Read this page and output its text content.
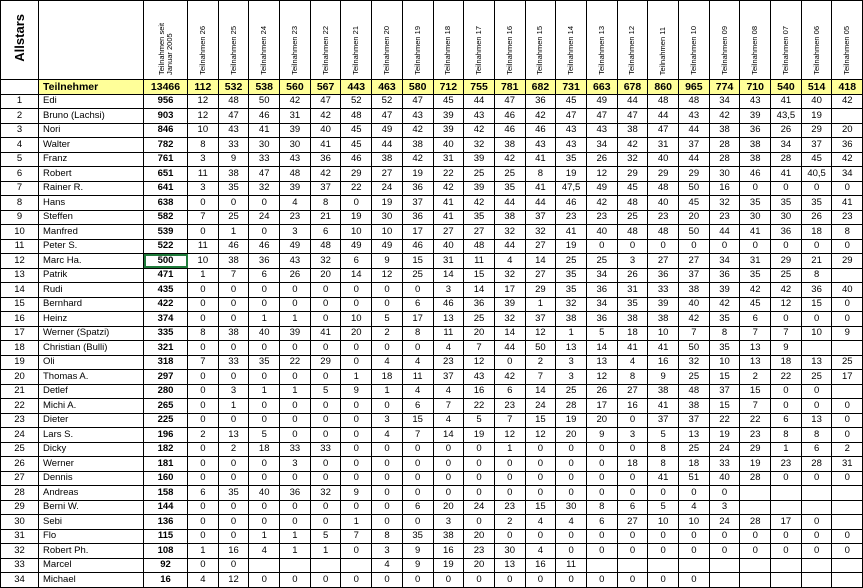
Allstars		Teilnahmen seit Januar 2005	Teilnahmen 26	Teilnahmen 25	Teilnahmen 24	Teilnahmen 23	Teilnahmen 22	Teilnahmen 21	Teilnahmen 20	Teilnahmen 19	Teilnahmen 18	Teilnahmen 17	Teilnahmen 16	Teilnahmen 15	Teilnahmen 14	Teilnahmen 13	Teilnahmen 12	Teilnahmen 11	Teilnahmen 10	Teilnahmen 09	Teilnahmen 08	Teilnahmen 07	Teilnahmen 06	Teilnahmen 05
	Teilnehmer	13466	112	532	538	560	567	443	463	580	712	755	781	682	731	663	678	860	965	774	710	540	514	418
1	Edi	956	12	48	50	42	47	52	52	47	45	44	47	36	45	49	44	48	48	34	43	41	40	42
2	Bruno (Lachsi)	903	12	47	46	31	42	48	47	43	39	43	46	42	47	47	47	44	43	42	39	43,5	19	
3	Nori	846	10	43	41	39	40	45	49	42	39	42	46	46	43	43	38	47	44	38	36	26	29	20
4	Walter	782	8	33	30	30	41	45	44	38	40	32	38	43	43	34	42	31	37	28	38	34	37	36
5	Franz	761	3	9	33	43	36	46	38	42	31	39	42	41	35	26	32	40	44	28	38	28	45	42
6	Robert	651	11	38	47	48	42	29	27	19	22	25	25	8	19	12	29	29	29	30	46	41	40,5	34
7	Rainer R.	641	3	35	32	39	37	22	24	36	42	39	35	41	47,5	49	45	48	50	16	0	0	0	0
8	Hans	638	0	0	0	4	8	0	19	37	41	42	44	44	46	42	48	40	45	32	35	35	35	41
9	Steffen	582	7	25	24	23	21	19	30	36	41	35	38	37	23	23	25	23	20	23	30	30	26	23
10	Manfred	539	0	1	0	3	6	10	10	17	27	27	32	32	41	40	48	48	50	44	41	36	18	8
11	Peter S.	522	11	46	46	49	48	49	49	46	40	48	44	27	19	0	0	0	0	0	0	0	0	0
12	Marc Ha.	500	10	38	36	43	32	6	9	15	31	11	4	14	25	25	3	27	27	34	31	29	21	29
13	Patrik	471	1	7	6	26	20	14	12	25	14	15	32	27	35	34	26	36	37	36	35	25	8	
14	Rudi	435	0	0	0	0	0	0	0	0	3	14	17	29	35	36	31	33	38	39	42	42	36	40
15	Bernhard	422	0	0	0	0	0	0	0	6	46	36	39	1	32	34	35	39	40	42	45	12	15	0
16	Heinz	374	0	0	1	1	0	10	5	17	13	25	32	37	38	36	38	38	42	35	6	0	0	0
17	Werner (Spatzi)	335	8	38	40	39	41	20	2	8	11	20	14	12	1	5	18	10	7	8	7	7	10	9
18	Christian (Bulli)	321	0	0	0	0	0	0	0	0	4	7	44	50	13	14	41	41	50	35	13	9		
19	Oli	318	7	33	35	22	29	0	4	4	23	12	0	2	3	13	4	16	32	10	13	18	13	25
20	Thomas A.	297	0	0	0	0	0	1	18	11	37	43	42	7	3	12	8	9	25	15	2	22	25	17
21	Detlef	280	0	3	1	1	5	9	1	4	4	16	6	14	25	26	27	38	48	37	15	0	0	
22	Michi A.	265	0	1	0	0	0	0	0	6	7	22	23	24	28	17	16	41	38	15	7	0	0	0
23	Dieter	225	0	0	0	0	0	0	3	15	4	5	7	15	19	20	0	37	37	22	22	6	13	0
24	Lars S.	196	2	13	5	0	0	0	4	7	14	19	12	12	20	9	3	5	13	19	23	8	8	0
25	Dicky	182	0	2	18	33	33	0	0	0	0	0	1	0	0	0	0	8	25	24	29	1	6	2
26	Werner	181	0	0	0	3	0	0	0	0	0	0	0	0	0	0	18	8	18	33	19	23	28	31
27	Dennis	160	0	0	0	0	0	0	0	0	0	0	0	0	0	0	0	41	51	40	28	0	0	0
28	Andreas	158	6	35	40	36	32	9	0	0	0	0	0	0	0	0	0	0	0	0				
29	Berni W.	144	0	0	0	0	0	0	0	6	20	24	23	15	30	8	6	5	4	3				
30	Sebi	136	0	0	0	0	0	1	0	0	3	0	2	4	4	6	27	10	10	24	28	17	0	
31	Flo	115	0	0	1	1	5	7	8	35	38	20	0	0	0	0	0	0	0	0	0	0	0	0
32	Robert Ph.	108	1	16	4	1	1	0	3	9	16	23	30	4	0	0	0	0	0	0	0	0	0	0
33	Marcel	92	0	0					4	9	19	20	13	16	11									
34	Michael	16	4	12	0	0	0	0	0	0	0	0	0	0	0	0	0	0	0					
